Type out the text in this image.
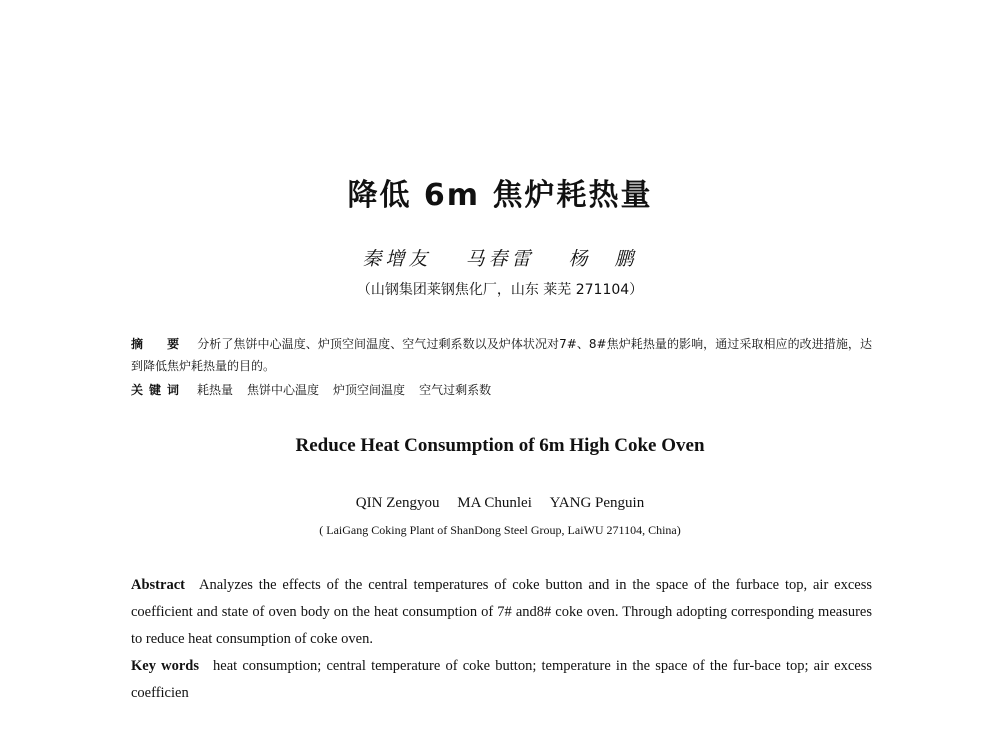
降低 6m 焦炉耗热量
秦增友 马春雷 杨　鹏
（山钢集团莱钢焦化厂，山东 莱芜 271104）
摘　要 分析了焦饼中心温度、炉顶空间温度、空气过剩系数以及炉体状况对7#、8#焦炉耗热量的影响，通过采取相应的改进措施，达到降低焦炉耗热量的目的。
关键词 耗热量 焦饼中心温度 炉顶空间温度 空气过剩系数
Reduce Heat Consumption of 6m High Coke Oven
QIN Zengyou MA Chunlei YANG Penguin
( LaiGang Coking Plant of ShanDong Steel Group, LaiWU 271104, China)
Abstract Analyzes the effects of the central temperatures of coke button and in the space of the furbace top, air excess coefficient and state of oven body on the heat consumption of 7# and8# coke oven. Through adopting corresponding measures to reduce heat consumption of coke oven.
Key words heat consumption; central temperature of coke button; temperature in the space of the fur-bace top; air excess coefficien
